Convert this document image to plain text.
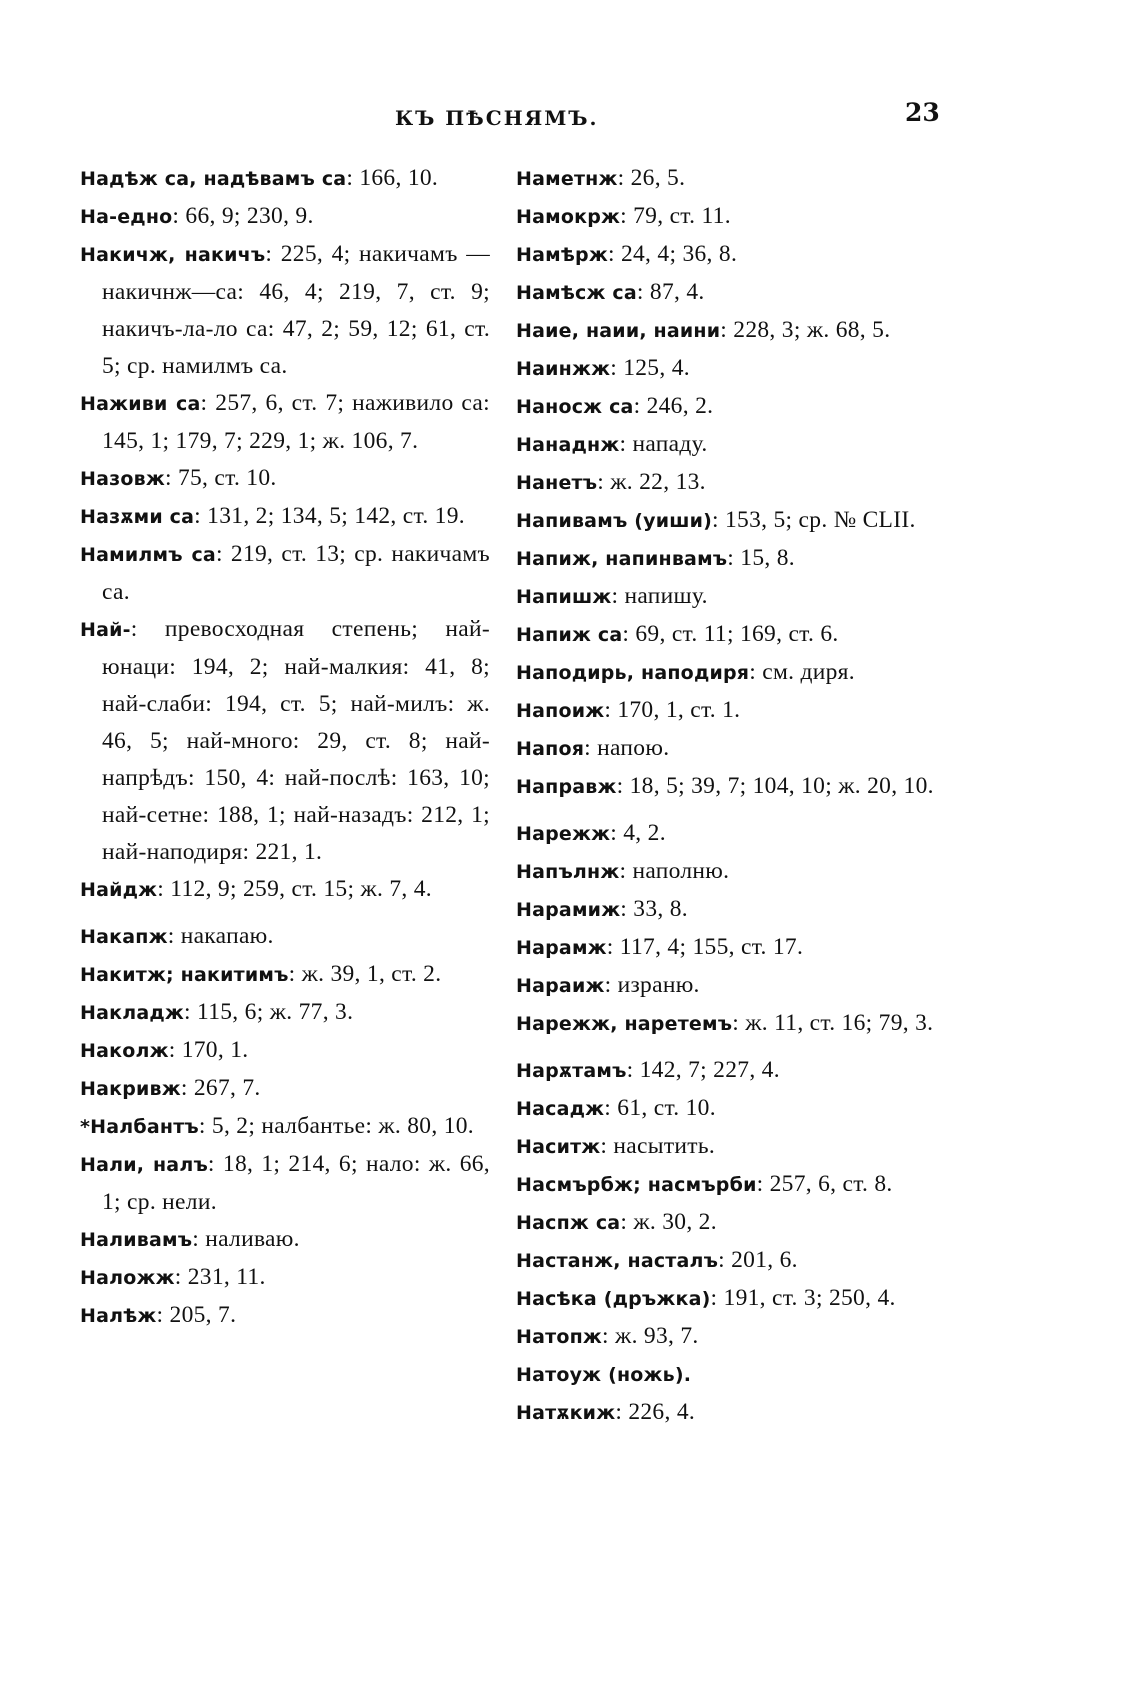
КЪ ПѢСНЯМЪ.	23
Надѣж са, надѣвамъ са: 166, 10.
На-едно: 66, 9; 230, 9.
Накичж, накичъ: 225, 4; накичамъ — накичнж—са: 46, 4; 219, 7, ст. 9; накичъ-ла-ло са: 47, 2; 59, 12; 61, ст. 5; ср. намилмъ са.
Наживи са: 257, 6, ст. 7; наживило са: 145, 1; 179, 7; 229, 1; ж. 106, 7.
Назовж: 75, ст. 10.
Назѫми са: 131, 2; 134, 5; 142, ст. 19.
Намилмъ са: 219, ст. 13; ср. накичамъ са.
Най-: превосходная степень; най-юнаци: 194, 2; най-малкия: 41, 8; най-слаби: 194, ст. 5; най-милъ: ж. 46, 5; най-много: 29, ст. 8; най-напрѣдъ: 150, 4: най-послѣ: 163, 10; най-сетне: 188, 1; най-назадъ: 212, 1; най-наподиря: 221, 1.
Найдж: 112, 9; 259, ст. 15; ж. 7, 4.
Накапж: накапаю.
Накитж; накитимъ: ж. 39, 1, ст. 2.
Накладж: 115, 6; ж. 77, 3.
Наколж: 170, 1.
Накривж: 267, 7.
*Налбантъ: 5, 2; налбантье: ж. 80, 10.
Нали, налъ: 18, 1; 214, 6; нало: ж. 66, 1; ср. нели.
Наливамъ: наливаю.
Наложж: 231, 11.
Налѣж: 205, 7.
Наметнж: 26, 5.
Намокрж: 79, ст. 11.
Намѣрж: 24, 4; 36, 8.
Намѣсж са: 87, 4.
Наие, наии, наини: 228, 3; ж. 68, 5.
Наинжж: 125, 4.
Наносж са: 246, 2.
Нанаднж: нападу.
Нанетъ: ж. 22, 13.
Напивамъ (уиши): 153, 5; ср. № CLII.
Напиж, напинвамъ: 15, 8.
Напишж: напишу.
Напиж са: 69, ст. 11; 169, ст. 6.
Наподирь, наподиря: см. диря.
Напоиж: 170, 1, ст. 1.
Напоя: напою.
Направж: 18, 5; 39, 7; 104, 10; ж. 20, 10.
Нарежж: 4, 2.
Напълнж: наполню.
Нарамиж: 33, 8.
Нарамж: 117, 4; 155, ст. 17.
Нараиж: израню.
Нарежж, наретемъ: ж. 11, ст. 16; 79, 3.
Нарѫтамъ: 142, 7; 227, 4.
Насадж: 61, ст. 10.
Наситж: насытить.
Насмърбж; насмърби: 257, 6, ст. 8.
Наспж са: ж. 30, 2.
Настанж, насталъ: 201, 6.
Насѣка (дръжка): 191, ст. 3; 250, 4.
Натопж: ж. 93, 7.
Натоуж (ножь).
Натѫкиж: 226, 4.
